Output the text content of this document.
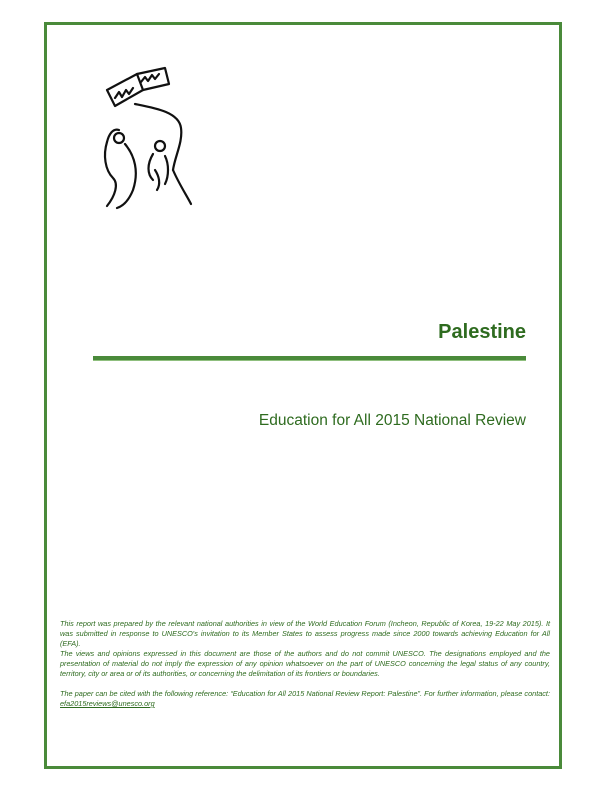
Palestine
Education for All 2015 National Review

This report was prepared by the relevant national authorities in view of the World Education Forum (Incheon, Republic of Korea, 19-22 May 2015). It was submitted in response to UNESCO's invitation to its Member States to assess progress made since 2000 towards achieving Education for All (EFA).

The views and opinions expressed in this document are those of the authors and do not commit UNESCO. The designations employed and the presentation of material do not imply the expression of any opinion whatsoever on the part of UNESCO concerning the legal status of any country, territory, city or area or of its authorities, or concerning the delimitation of its frontiers or boundaries.

The paper can be cited with the following reference: “Education for All 2015 National Review Report: Palestine”. For further information, please contact: efa2015reviews@unesco.org
